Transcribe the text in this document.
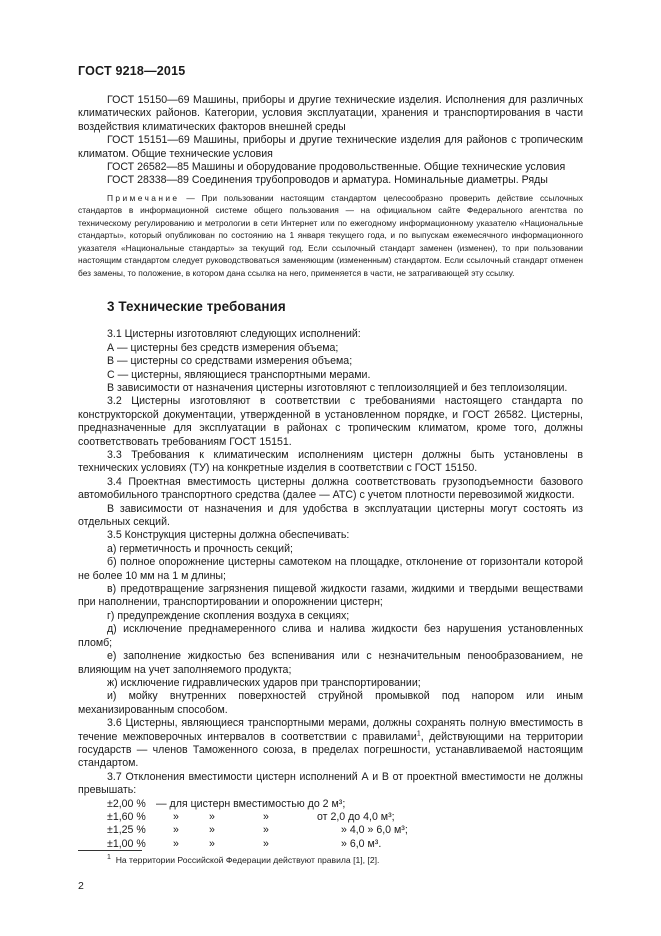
ГОСТ 9218—2015

ГОСТ 15150—69 Машины, приборы и другие технические изделия. Исполнения для различных климатических районов. Категории, условия эксплуатации, хранения и транспортирования в части воздействия климатических факторов внешней среды

ГОСТ 15151—69 Машины, приборы и другие технические изделия для районов с тропическим климатом. Общие технические условия

ГОСТ 26582—85 Машины и оборудование продовольственные. Общие технические условия

ГОСТ 28338—89 Соединения трубопроводов и арматура. Номинальные диаметры. Ряды

Примечание — При пользовании настоящим стандартом целесообразно проверить действие ссылочных стандартов в информационной системе общего пользования — на официальном сайте Федерального агентства по техническому регулированию и метрологии в сети Интернет или по ежегодному информационному указателю «Национальные стандарты», который опубликован по состоянию на 1 января текущего года, и по выпускам ежемесячного информационного указателя «Национальные стандарты» за текущий год. Если ссылочный стандарт заменен (изменен), то при пользовании настоящим стандартом следует руководствоваться заменяющим (измененным) стандартом. Если ссылочный стандарт отменен без замены, то положение, в котором дана ссылка на него, применяется в части, не затрагивающей эту ссылку.

3 Технические требования

3.1 Цистерны изготовляют следующих исполнений:

А — цистерны без средств измерения объема;

В — цистерны со средствами измерения объема;

С — цистерны, являющиеся транспортными мерами.

В зависимости от назначения цистерны изготовляют с теплоизоляцией и без теплоизоляции.

3.2 Цистерны изготовляют в соответствии с требованиями настоящего стандарта по конструкторской документации, утвержденной в установленном порядке, и ГОСТ 26582. Цистерны, предназначенные для эксплуатации в районах с тропическим климатом, кроме того, должны соответствовать требованиям ГОСТ 15151.

3.3 Требования к климатическим исполнениям цистерн должны быть установлены в технических условиях (ТУ) на конкретные изделия в соответствии с ГОСТ 15150.

3.4 Проектная вместимость цистерны должна соответствовать грузоподъемности базового автомобильного транспортного средства (далее — АТС) с учетом плотности перевозимой жидкости.

В зависимости от назначения и для удобства в эксплуатации цистерны могут состоять из отдельных секций.

3.5 Конструкция цистерны должна обеспечивать:

а) герметичность и прочность секций;

б) полное опорожнение цистерны самотеком на площадке, отклонение от горизонтали которой не более 10 мм на 1 м длины;

в) предотвращение загрязнения пищевой жидкости газами, жидкими и твердыми веществами при наполнении, транспортировании и опорожнении цистерн;

г) предупреждение скопления воздуха в секциях;

д) исключение преднамеренного слива и налива жидкости без нарушения установленных пломб;

е) заполнение жидкостью без вспенивания или с незначительным пенообразованием, не влияющим на учет заполняемого продукта;

ж) исключение гидравлических ударов при транспортировании;

и) мойку внутренних поверхностей струйной промывкой под напором или иным механизированным способом.

3.6 Цистерны, являющиеся транспортными мерами, должны сохранять полную вместимость в течение межповерочных интервалов в соответствии с правилами$^1$, действующими на территории государств — членов Таможенного союза, в пределах погрешности, устанавливаемой настоящим стандартом.

3.7 Отклонения вместимости цистерн исполнений А и В от проектной вместимости не должны превышать:

±2,00 %	— для цистерн вместимостью до 2 м³;			
±1,60 %	»	»	»	от 2,0 до 4,0 м³;
±1,25 %	»	»	»	» 4,0 » 6,0 м³;
±1,00 %	»	»	»	» 6,0 м³.
$^1$ На территории Российской Федерации действуют правила [1], [2].
2
